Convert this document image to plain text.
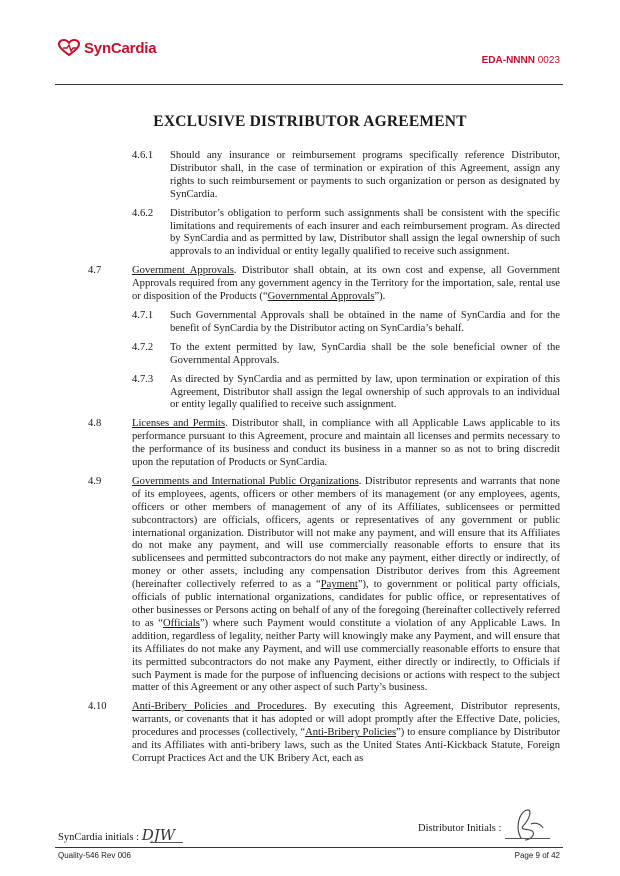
SynCardia
EDA-NNNN 0023
EXCLUSIVE DISTRIBUTOR AGREEMENT
4.6.1	Should any insurance or reimbursement programs specifically reference Distributor, Distributor shall, in the case of termination or expiration of this Agreement, assign any rights to such reimbursement or payments to such organization or person as designated by SynCardia.
4.6.2	Distributor’s obligation to perform such assignments shall be consistent with the specific limitations and requirements of each insurer and each reimbursement program. As directed by SynCardia and as permitted by law, Distributor shall assign the legal ownership of such approvals to an individual or entity legally qualified to receive such assignment.
4.7	Government Approvals. Distributor shall obtain, at its own cost and expense, all Government Approvals required from any government agency in the Territory for the importation, sale, rental use or disposition of the Products (“Governmental Approvals”).
4.7.1	Such Governmental Approvals shall be obtained in the name of SynCardia and for the benefit of SynCardia by the Distributor acting on SynCardia’s behalf.
4.7.2	To the extent permitted by law, SynCardia shall be the sole beneficial owner of the Governmental Approvals.
4.7.3	As directed by SynCardia and as permitted by law, upon termination or expiration of this Agreement, Distributor shall assign the legal ownership of such approvals to an individual or entity legally qualified to receive such assignment.
4.8	Licenses and Permits. Distributor shall, in compliance with all Applicable Laws applicable to its performance pursuant to this Agreement, procure and maintain all licenses and permits necessary to the performance of its business and conduct its business in a manner so as not to bring discredit upon the reputation of Products or SynCardia.
4.9	Governments and International Public Organizations. Distributor represents and warrants that none of its employees, agents, officers or other members of its management (or any employees, agents, officers or other members of management of any of its Affiliates, sublicensees or permitted subcontractors) are officials, officers, agents or representatives of any government or public international organization. Distributor will not make any payment, and will ensure that its Affiliates do not make any payment, and will use commercially reasonable efforts to ensure that its sublicensees and permitted subcontractors do not make any payment, either directly or indirectly, of money or other assets, including any compensation Distributor derives from this Agreement (hereinafter collectively referred to as a “Payment”), to government or political party officials, officials of public international organizations, candidates for public office, or representatives of other businesses or Persons acting on behalf of any of the foregoing (hereinafter collectively referred to as “Officials”) where such Payment would constitute a violation of any Applicable Laws. In addition, regardless of legality, neither Party will knowingly make any Payment, and will ensure that its Affiliates do not make any Payment, and will use commercially reasonable efforts to ensure that its permitted subcontractors do not make any Payment, either directly or indirectly, to Officials if such Payment is made for the purpose of influencing decisions or actions with respect to the subject matter of this Agreement or any other aspect of such Party’s business.
4.10	Anti-Bribery Policies and Procedures. By executing this Agreement, Distributor represents, warrants, or covenants that it has adopted or will adopt promptly after the Effective Date, policies, procedures and processes (collectively, “Anti-Bribery Policies”) to ensure compliance by Distributor and its Affiliates with anti-bribery laws, such as the United States Anti-Kickback Statute, Foreign Corrupt Practices Act and the UK Bribery Act, each as
SynCardia initials : DJW	Distributor Initials :
Quality-546 Rev 006	Page 9 of 42
